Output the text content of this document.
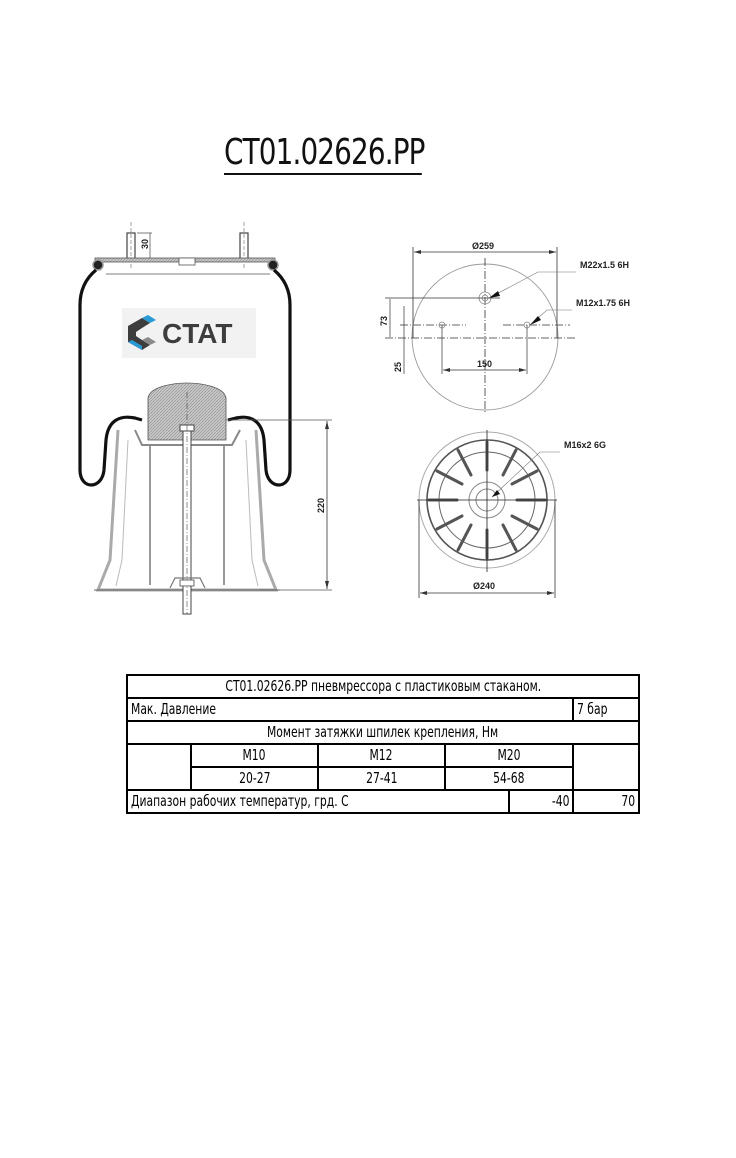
CT01.02626.PP
30
220
CTAT
Ø259
M22x1.5 6H
M12x1.75 6H
73
25	150
M16x2 6G
Ø240
CT01.02626.PP пневмрессора с пластиковым стаканом.					
Мак. Давление					7 бар
Момент затяжки шпилек крепления, Нм					
	M10	M12	M20		
	20-27	27-41	54-68		
Диапазон рабочих температур, грд. С				-40	70
